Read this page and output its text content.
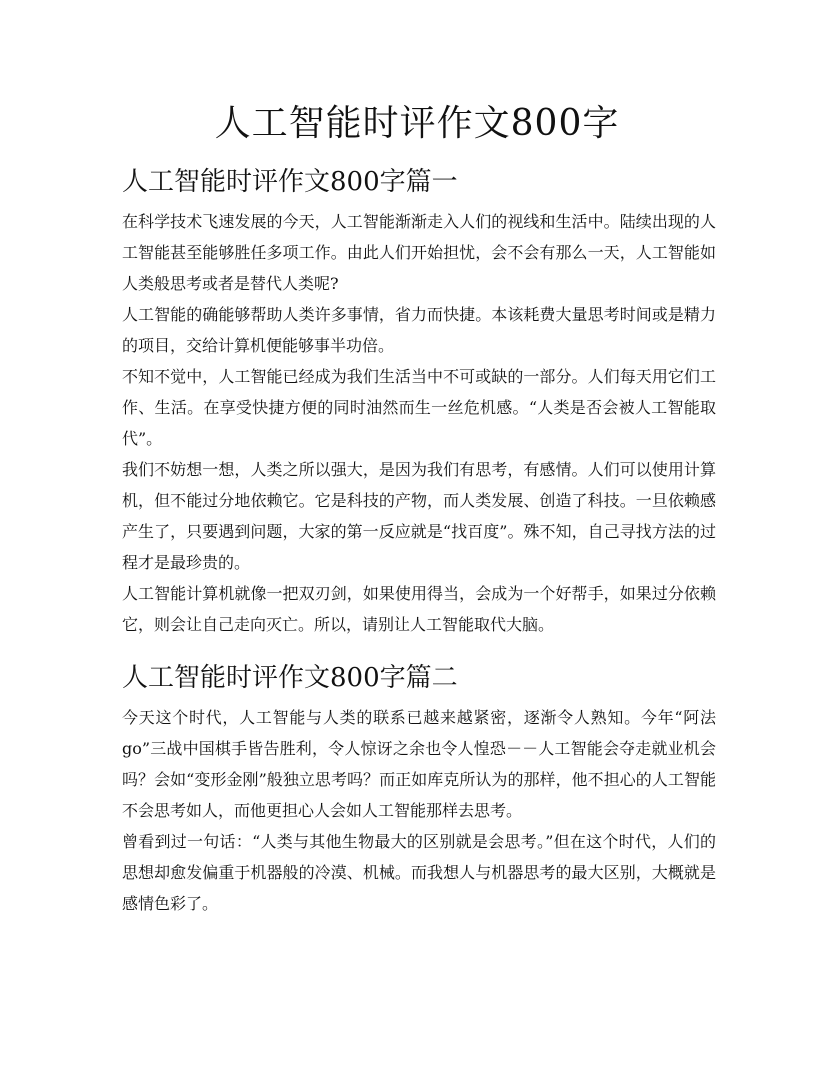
人工智能时评作文800字
人工智能时评作文800字篇一

在科学技术飞速发展的今天，人工智能渐渐走入人们的视线和生活中。陆续出现的人工智能甚至能够胜任多项工作。由此人们开始担忧，会不会有那么一天，人工智能如人类般思考或者是替代人类呢?

人工智能的确能够帮助人类许多事情，省力而快捷。本该耗费大量思考时间或是精力的项目，交给计算机便能够事半功倍。

不知不觉中，人工智能已经成为我们生活当中不可或缺的一部分。人们每天用它们工作、生活。在享受快捷方便的同时油然而生一丝危机感。“人类是否会被人工智能取代”。

我们不妨想一想，人类之所以强大，是因为我们有思考，有感情。人们可以使用计算机，但不能过分地依赖它。它是科技的产物，而人类发展、创造了科技。一旦依赖感产生了，只要遇到问题，大家的第一反应就是“找百度”。殊不知，自己寻找方法的过程才是最珍贵的。

人工智能计算机就像一把双刃剑，如果使用得当，会成为一个好帮手，如果过分依赖它，则会让自己走向灭亡。所以，请别让人工智能取代大脑。

人工智能时评作文800字篇二

今天这个时代，人工智能与人类的联系已越来越紧密，逐渐令人熟知。今年“阿法go”三战中国棋手皆告胜利，令人惊讶之余也令人惶恐－－人工智能会夺走就业机会吗？会如“变形金刚”般独立思考吗？而正如库克所认为的那样，他不担心的人工智能不会思考如人，而他更担心人会如人工智能那样去思考。

曾看到过一句话：“人类与其他生物最大的区别就是会思考。”但在这个时代，人们的思想却愈发偏重于机器般的冷漠、机械。而我想人与机器思考的最大区别，大概就是感情色彩了。
